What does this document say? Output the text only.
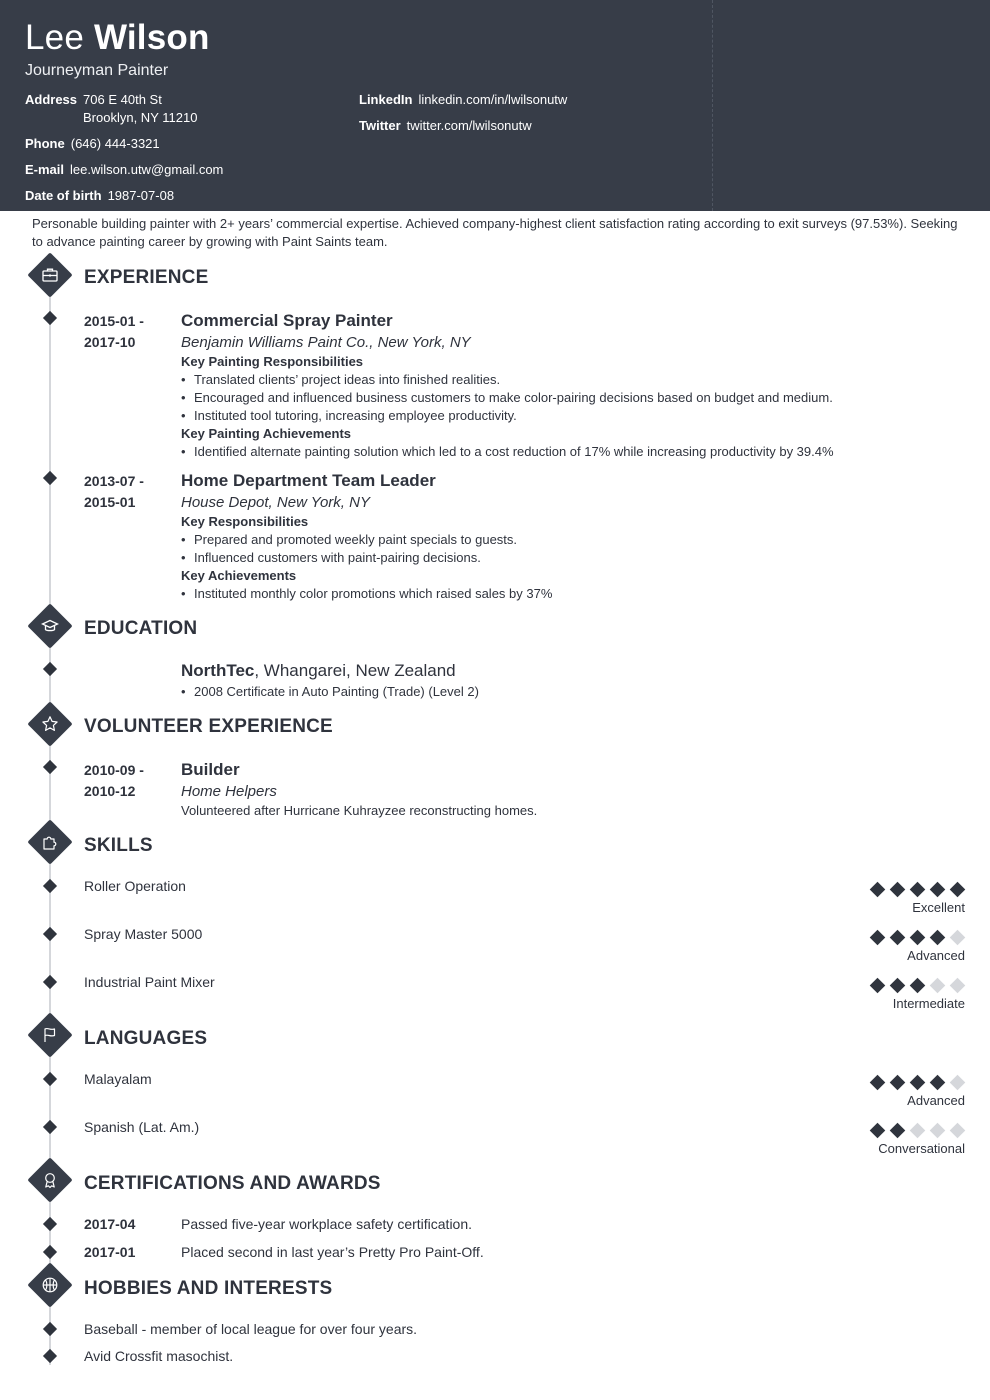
Lee Wilson
Journeyman Painter
Address 706 E 40th St
Brooklyn, NY 11210
Phone (646) 444-3321
E-mail lee.wilson.utw@gmail.com
Date of birth 1987-07-08
LinkedIn linkedin.com/in/lwilsonutw
Twitter twitter.com/lwilsonutw
Personable building painter with 2+ years’ commercial expertise. Achieved company-highest client satisfaction rating according to exit surveys (97.53%). Seeking to advance painting career by growing with Paint Saints team.
EXPERIENCE
2015-01 -
2017-10
Commercial Spray Painter
Benjamin Williams Paint Co., New York, NY
Key Painting Responsibilities
• Translated clients’ project ideas into finished realities.
• Encouraged and influenced business customers to make color-pairing decisions based on budget and medium.
• Instituted tool tutoring, increasing employee productivity.
Key Painting Achievements
• Identified alternate painting solution which led to a cost reduction of 17% while increasing productivity by 39.4%
2013-07 -
2015-01
Home Department Team Leader
House Depot, New York, NY
Key Responsibilities
• Prepared and promoted weekly paint specials to guests.
• Influenced customers with paint-pairing decisions.
Key Achievements
• Instituted monthly color promotions which raised sales by 37%
EDUCATION
NorthTec, Whangarei, New Zealand
• 2008 Certificate in Auto Painting (Trade) (Level 2)
VOLUNTEER EXPERIENCE
2010-09 -
2010-12
Builder
Home Helpers
Volunteered after Hurricane Kuhrayzee reconstructing homes.
SKILLS
Roller Operation
Excellent
Spray Master 5000
Advanced
Industrial Paint Mixer
Intermediate
LANGUAGES
Malayalam
Advanced
Spanish (Lat. Am.)
Conversational
CERTIFICATIONS AND AWARDS
2017-04	Passed five-year workplace safety certification.
2017-01	Placed second in last year’s Pretty Pro Paint-Off.
HOBBIES AND INTERESTS
Baseball - member of local league for over four years.
Avid Crossfit masochist.
